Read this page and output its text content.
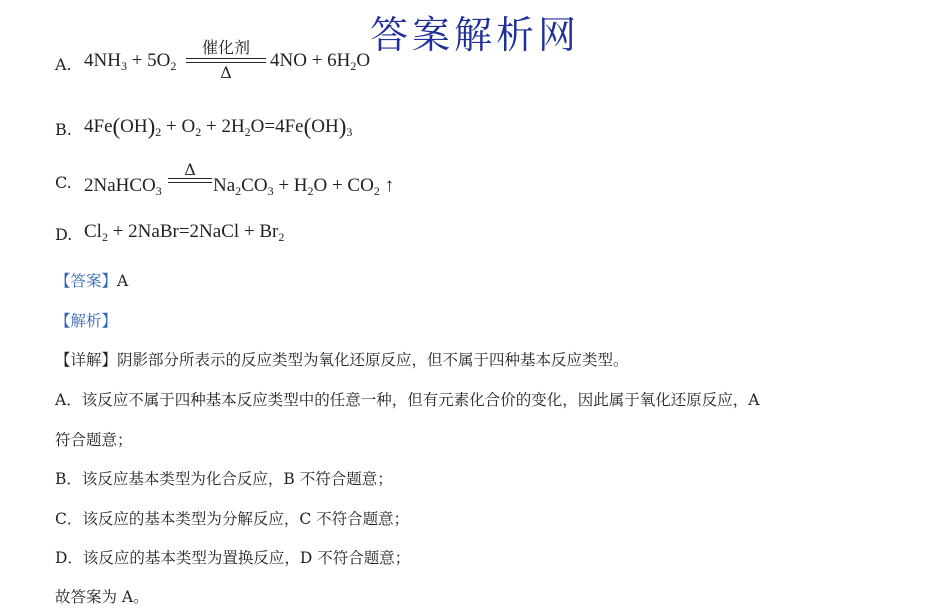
答案解析网
A. $4NH_3 + 5O_2$
催化剂
Δ
$4NO + 6H_2O$
B. $4Fe(OH)_2 + O_2 + 2H_2O=4Fe(OH)_3$
C. 2NaHCO$_3$
Δ
$Na_2CO_3 + H_2O + CO_2$ ↑
D. $Cl_2$ + 2NaBr=2NaCl + $Br_2$
【答案】A
【解析】
【详解】阴影部分所表示的反应类型为氧化还原反应，但不属于四种基本反应类型。
A．该反应不属于四种基本反应类型中的任意一种，但有元素化合价的变化，因此属于氧化还原反应，A
符合题意；
B．该反应基本类型为化合反应，B 不符合题意；
C．该反应的基本类型为分解反应，C 不符合题意；
D．该反应的基本类型为置换反应，D 不符合题意；
故答案为 A。
